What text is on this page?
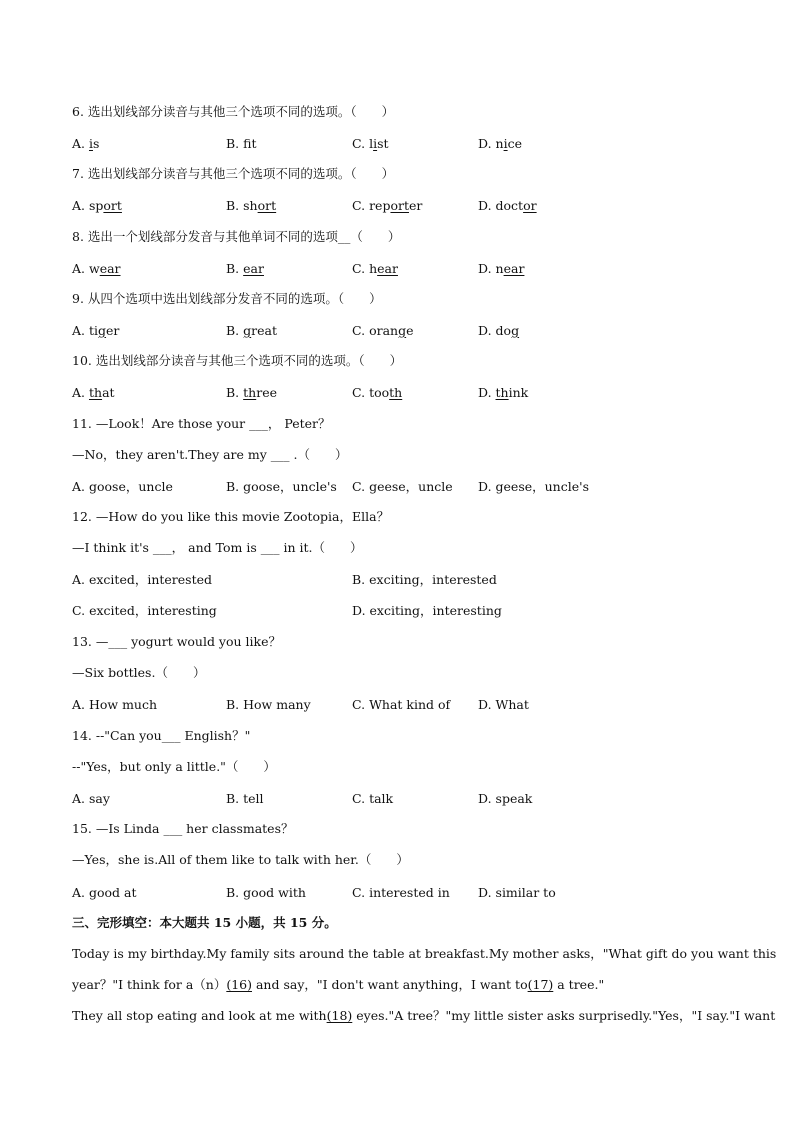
6. 选出划线部分读音与其他三个选项不同的选项。（　　）
A. is	B. ft	C. list	D. nice
7. 选出划线部分读音与其他三个选项不同的选项。（　　）
A. sport	B. short	C. reporter	D. doctor
8. 选出一个划线部分发音与其他单词不同的选项__（　　）
A. wear	B. ear	C. hear	D. near
9. 从四个选项中选出划线部分发音不同的选项。（　　）
A. tiger	B. great	C. orange	D. dog
10. 选出划线部分读音与其他三个选项不同的选项。（　　）
A. that	B. three	C. tooth	D. think
11. —Look！Are those your ___， Peter？
—No，they aren't.They are my ___ .（　　）
A. goose，uncle	B. goose，uncle's C. geese，uncle D. geese，uncle's
12. —How do you like this movie Zootopia，Ella？
—I think it's ___， and Tom is ___ in it.（　　）
A. excited，interested	B. exciting，interested
C. excited，interesting	D. exciting，interesting
13. —___ yogurt would you like？
—Six bottles.（　　）
A. How much	B. How many	C. What kind of D. What
14. --"Can you___ English？"
--"Yes，but only a little."（　　）
A. say	B. tell	C. talk	D. speak
15. —Is Linda ___ her classmates？
—Yes，she is.All of them like to talk with her.（　　）
A. good at	B. good with	C. interested in D. similar to
三、完形填空：本大题共 15 小题，共 15 分。
Today is my birthday.My family sits around the table at breakfast.My mother asks，"What gift do you want this
year？"I think for a（n）(16) and say，"I don't want anything，I want to(17) a tree."
They all stop eating and look at me with(18) eyes."A tree？"my little sister asks surprisedly."Yes，"I say."I want
